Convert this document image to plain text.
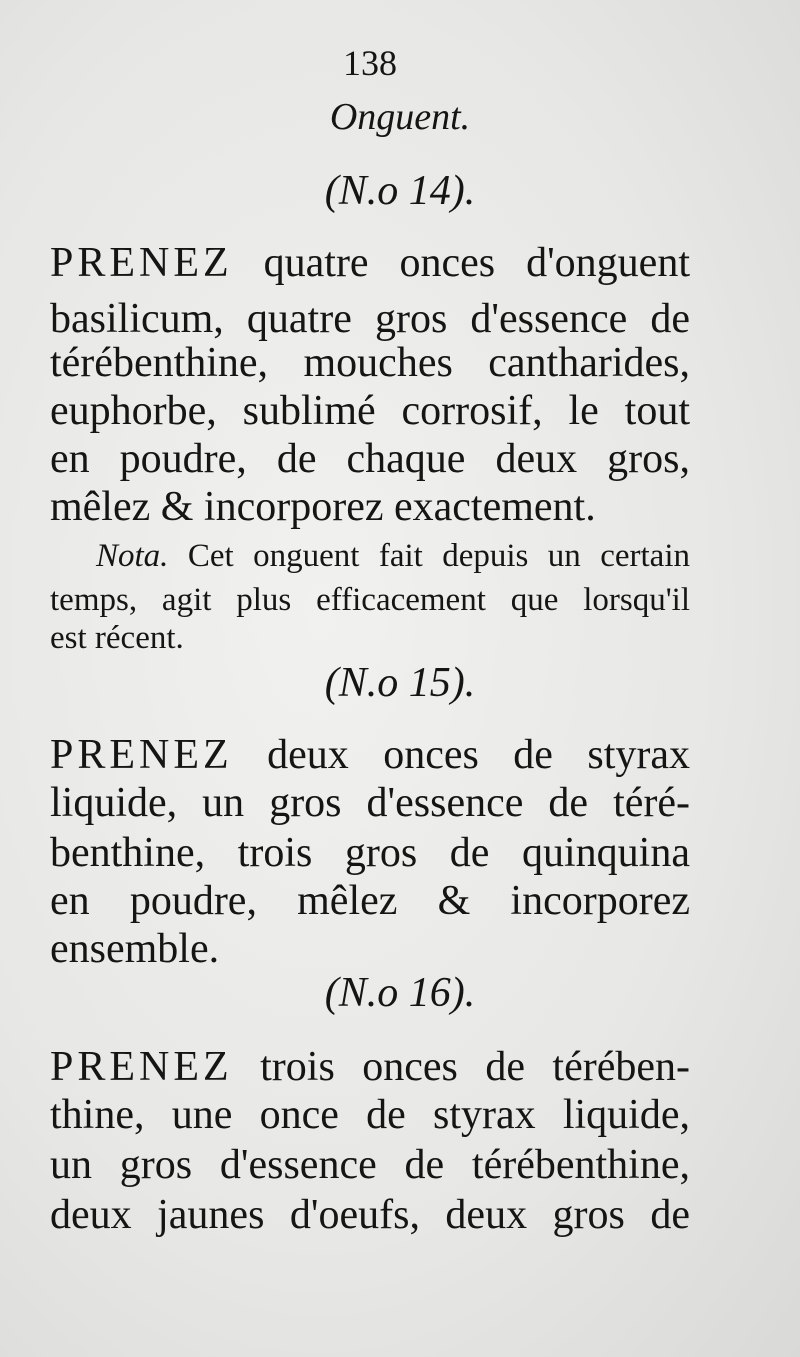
138
Onguent.
(N.o 14).
PRENEZ quatre onces d'onguent
basilicum, quatre gros d'essence de
térébenthine, mouches cantharides,
euphorbe, sublimé corrosif, le tout
en poudre, de chaque deux gros,
mêlez & incorporez exactement.
Nota. Cet onguent fait depuis un certain
temps, agit plus efficacement que lorsqu'il
est récent.
(N.o 15).
PRENEZ deux onces de styrax
liquide, un gros d'essence de téré-
benthine, trois gros de quinquina
en poudre, mêlez & incorporez
ensemble.
(N.o 16).
PRENEZ trois onces de térében-
thine, une once de styrax liquide,
un gros d'essence de térébenthine,
deux jaunes d'oeufs, deux gros de
